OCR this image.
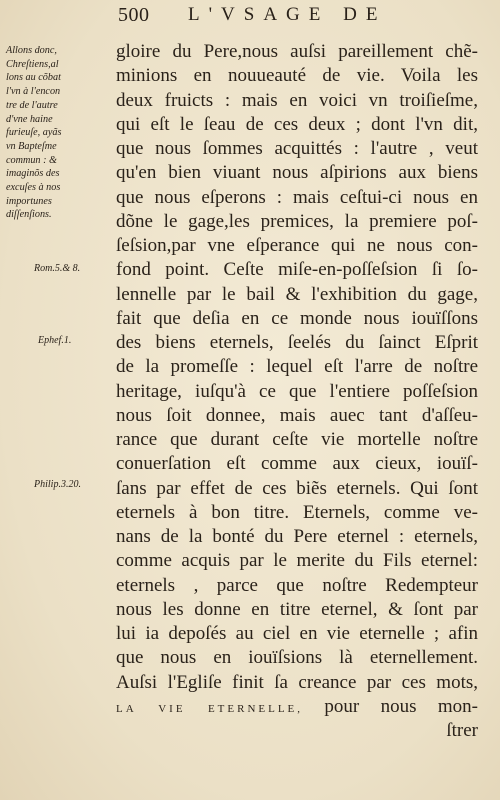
500 L'VSAGE DE
Allons donc,
Chreſtiens,al
lons au cõbat
l'vn à l'encon
tre de l'autre
d'vne haine
furieuſe, ayãs
vn Bapteſme
commun : &
imaginõs des
excuſes à nos
importunes
diſſenſions.
Rom.5.& 8.
Ephef.1.
Philip.3.20.
gloire du Pere,nous auſsi pareillement chẽ-
minions en nouueauté de vie. Voila les
deux fruicts : mais en voici vn troiſieſme,
qui eſt le ſeau de ces deux ; dont l'vn dit,
que nous ſommes acquittés : l'autre , veut
qu'en bien viuant nous aſpirions aux biens
que nous eſperons : mais ceſtui-ci nous en
dõne le gage,les premices, la premiere poſ-
ſeſsion,par vne eſperance qui ne nous con-
fond point. Ceſte miſe-en-poſſeſsion ſi ſo-
lennelle par le bail & l'exhibition du gage,
fait que deſia en ce monde nous iouïſſons
des biens eternels, ſeelés du ſainct Eſprit
de la promeſſe : lequel eſt l'arre de noſtre
heritage, iuſqu'à ce que l'entiere poſſeſsion
nous ſoit donnee, mais auec tant d'aſſeu-
rance que durant ceſte vie mortelle noſtre
conuerſation eſt comme aux cieux, iouïſ-
ſans par effet de ces biẽs eternels. Qui ſont
eternels à bon titre. Eternels, comme ve-
nans de la bonté du Pere eternel : eternels,
comme acquis par le merite du Fils eternel:
eternels , parce que noſtre Redempteur
nous les donne en titre eternel, & ſont par
lui ia depoſés au ciel en vie eternelle ; afin
que nous en iouïſsions là eternellement.
Auſsi l'Egliſe finit ſa creance par ces mots,
LA VIE ETERNELLE, pour nous mon-
ſtrer
